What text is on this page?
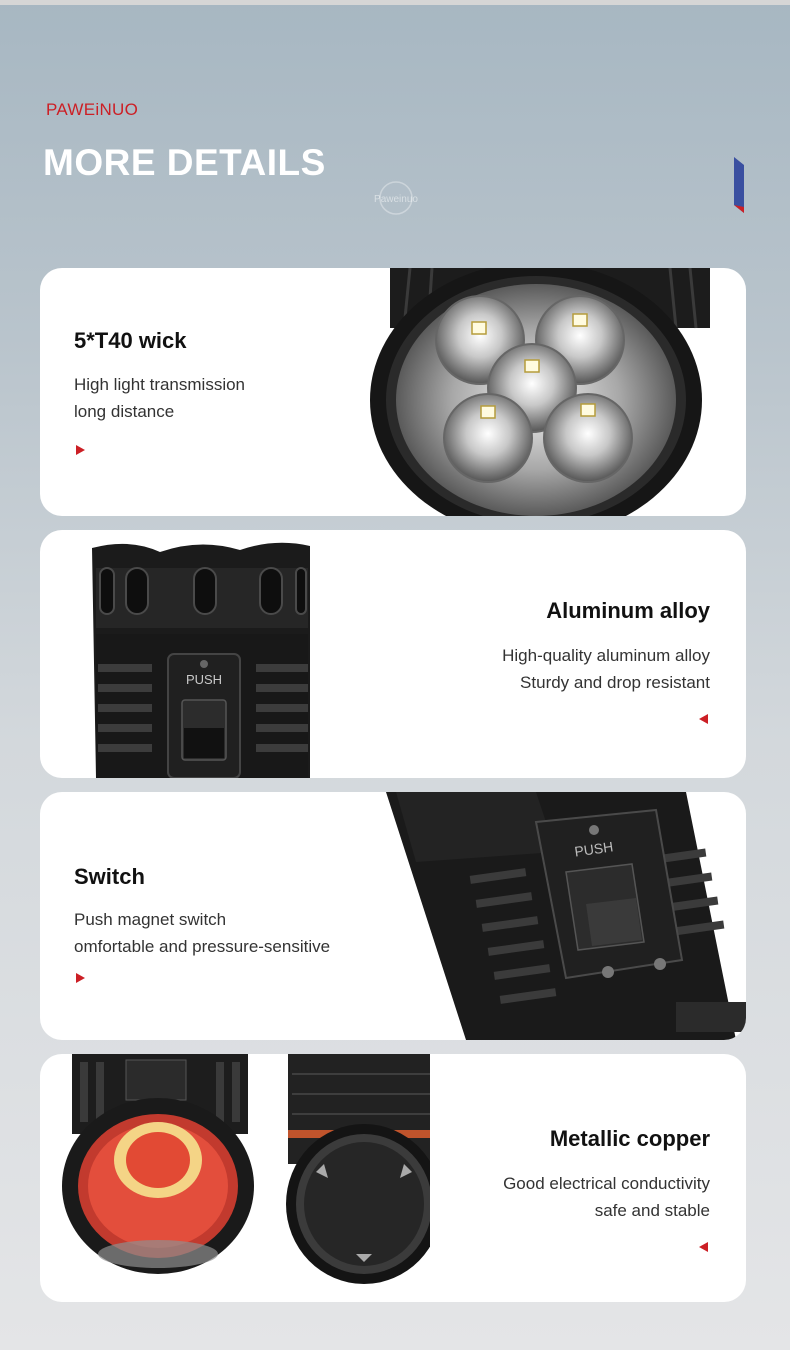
PAWEiNUO
MORE DETAILS
Paweinuo
5*T40 wick
High light transmission
long distance
PUSH
Aluminum alloy
High-quality aluminum alloy
Sturdy and drop resistant
Switch
Push magnet switch
omfortable and pressure-sensitive
PUSH
Metallic copper
Good electrical conductivity
safe and stable
